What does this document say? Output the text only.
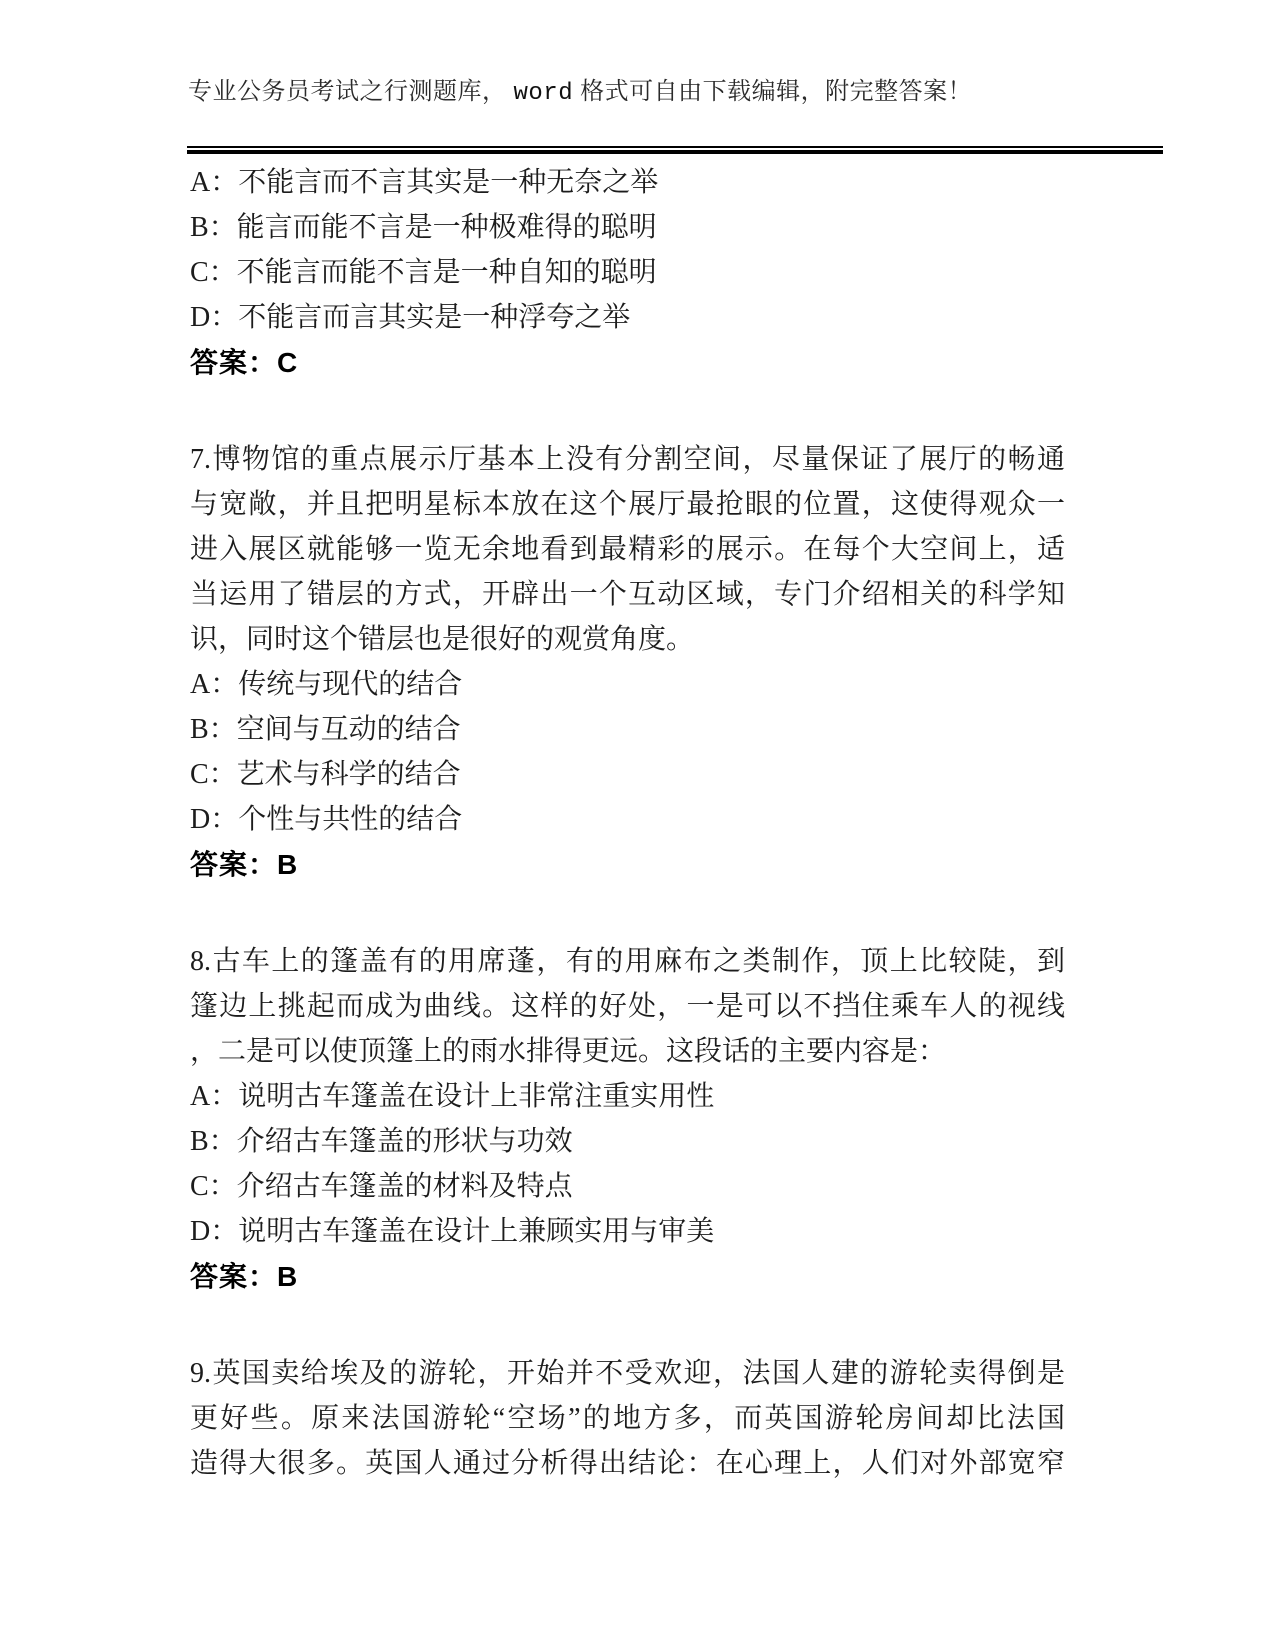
专业公务员考试之行测题库， word 格式可自由下载编辑，附完整答案！
A：不能言而不言其实是一种无奈之举
B：能言而能不言是一种极难得的聪明
C：不能言而能不言是一种自知的聪明
D：不能言而言其实是一种浮夸之举
答案：C
7.博物馆的重点展示厅基本上没有分割空间，尽量保证了展厅的畅通
与宽敞，并且把明星标本放在这个展厅最抢眼的位置，这使得观众一
进入展区就能够一览无余地看到最精彩的展示。在每个大空间上，适
当运用了错层的方式，开辟出一个互动区域，专门介绍相关的科学知
识，同时这个错层也是很好的观赏角度。
A：传统与现代的结合
B：空间与互动的结合
C：艺术与科学的结合
D：个性与共性的结合
答案：B
8.古车上的篷盖有的用席蓬，有的用麻布之类制作，顶上比较陡，到
篷边上挑起而成为曲线。这样的好处，一是可以不挡住乘车人的视线
，二是可以使顶篷上的雨水排得更远。这段话的主要内容是：
A：说明古车篷盖在设计上非常注重实用性
B：介绍古车篷盖的形状与功效
C：介绍古车篷盖的材料及特点
D：说明古车篷盖在设计上兼顾实用与审美
答案：B
9.英国卖给埃及的游轮，开始并不受欢迎，法国人建的游轮卖得倒是
更好些。原来法国游轮“空场”的地方多，而英国游轮房间却比法国
造得大很多。英国人通过分析得出结论：在心理上，人们对外部宽窄
